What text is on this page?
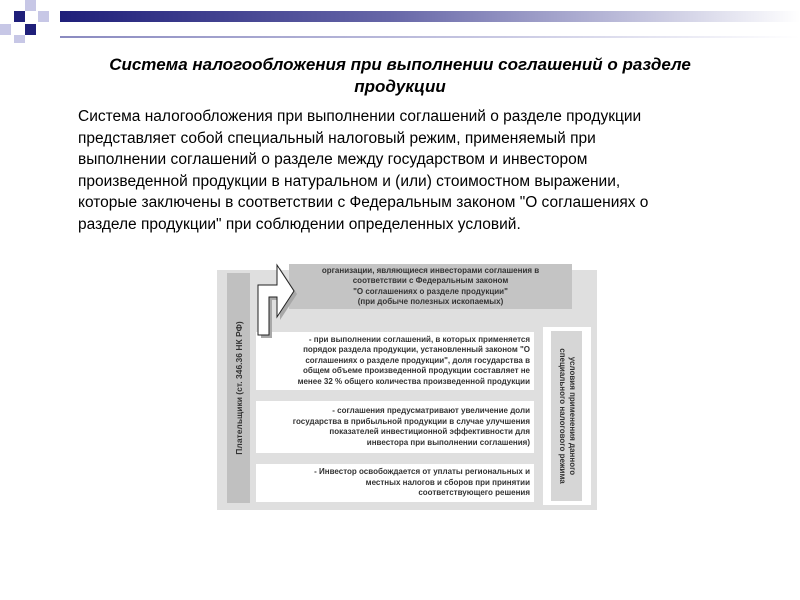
Система налогообложения при выполнении соглашений о разделе
продукции
Система налогообложения при выполнении соглашений о разделе продукции
представляет собой специальный налоговый режим, применяемый при
выполнении соглашений о разделе между государством и инвестором
произведенной продукции в натуральном и (или) стоимостном выражении,
которые заключены в соответствии с Федеральным законом "О соглашениях о
разделе продукции" при соблюдении определенных условий.
Плательщики (ст. 346.36 НК РФ)	условия применения данного
специального налогового режима
- при выполнении соглашений, в которых применяется
порядок раздела продукции, установленный законом "О
соглашениях о разделе продукции", доля государства в
общем объеме произведенной продукции составляет не
менее 32 % общего количества произведенной продукции
- соглашения предусматривают увеличение доли
государства в прибыльной продукции в случае улучшения
показателей инвестиционной эффективности для
инвестора при выполнении соглашения)
- Инвестор освобождается от уплаты региональных и
местных налогов и сборов при принятии
соответствующего решения
организации, являющиеся инвесторами соглашения в
соответствии с Федеральным законом
"О соглашениях о разделе продукции"
(при добыче полезных ископаемых)
